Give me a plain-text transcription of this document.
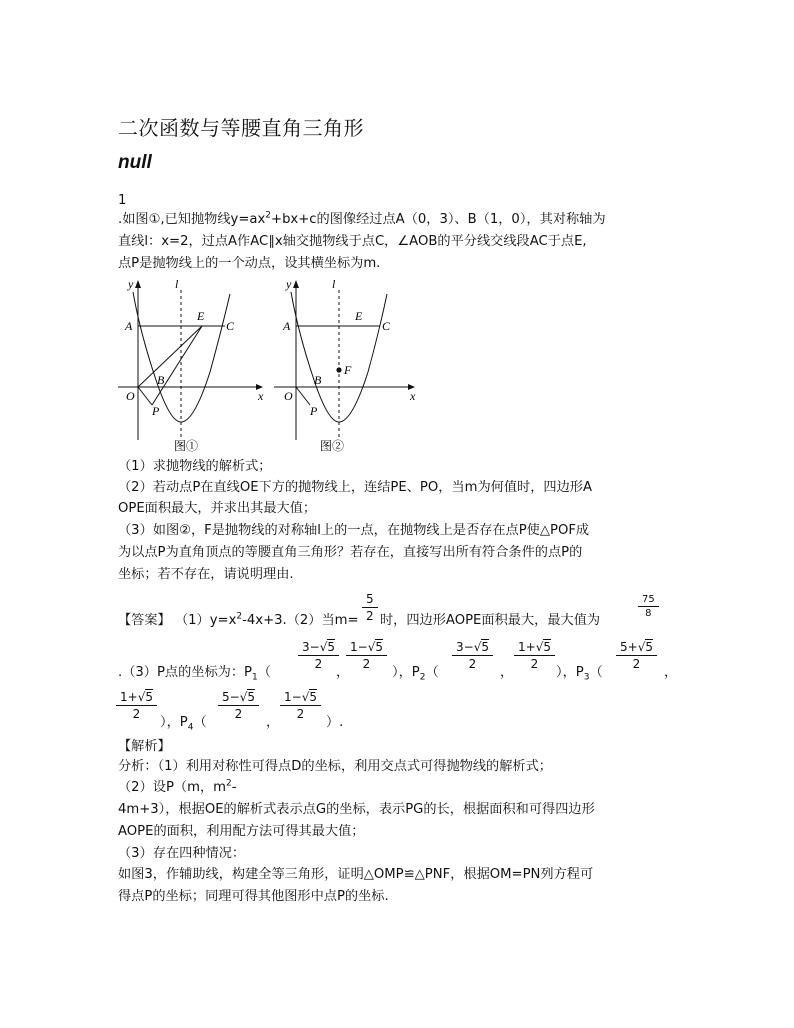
二次函数与等腰直角三角形
null
1
.如图①,已知抛物线$y=ax^2+bx+c$的图像经过点A（0，3）、B（1，0），其对称轴为
直线l：x=2，过点A作AC∥x轴交抛物线于点C，∠AOB的平分线交线段AC于点E,
点P是抛物线上的一个动点，设其横坐标为m.
y
x
l
A
E
C
B
O
P
图①
y
x
l
A
E
C
B
O
F
P
图②
（1）求抛物线的解析式；
（2）若动点P在直线OE下方的抛物线上，连结PE、PO，当m为何值时，四边形A
OPE面积最大，并求出其最大值；
（3）如图②，F是抛物线的对称轴l上的一点，在抛物线上是否存在点P使△POF成
为以点P为直角顶点的等腰直角三角形？若存在，直接写出所有符合条件的点P的
坐标；若不存在，请说明理由.
【答案】 $(1)y=x^2-4x+3.(2)$当$m= \frac{5}{2}$ 时，四边形AOPE面积最大，最大值为
$\frac{75}{8}$
.（3）P点的坐标为：$P_1$（
$\frac{3-√5}{2}$
，
$\frac{1-√5}{2}$
），$P_2$（
$\frac{3-√5}{2}$
，
$\frac{1+√5}{2}$
），$P_3$（
$\frac{5+√5}{2}$
，
$\frac{1+√5}{2}$
），$P_4$（
$\frac{5-√5}{2}$
，
$\frac{1-√5}{2}$
）.
【解析】
分析：（1）利用对称性可得点D的坐标，利用交点式可得抛物线的解析式；
（2）设P（m，$m^2-$
4m+3），根据OE的解析式表示点G的坐标，表示PG的长，根据面积和可得四边形
AOPE的面积，利用配方法可得其最大值；
（3）存在四种情况：
如图3，作辅助线，构建全等三角形，证明△OMP≌△PNF，根据OM=PN列方程可
得点P的坐标；同理可得其他图形中点P的坐标.
